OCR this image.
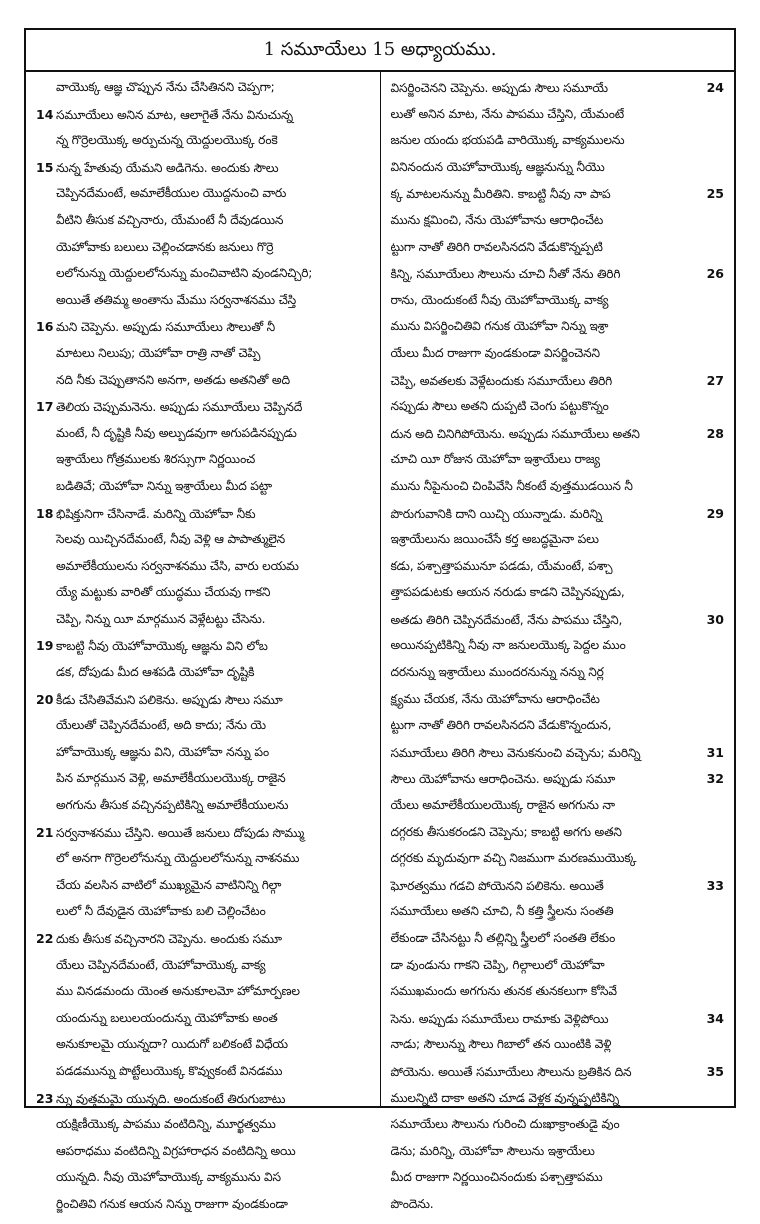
1 సమూయేలు 15 అధ్యాయము.
వాయొక్క ఆజ్ఞ చొప్పున నేను చేసితినని చెప్పగా;
14 సమూయేలు అనిన మాట, ఆలాగైతే నేను వినుచున్న
న్న గొర్రెలయొక్క అర్పుచున్న యెద్దులయొక్క రంకె
15 నున్న హేతువు యేమని అడిగెను. అందుకు సౌలు
చెప్పినదేమంటే, అమాలేకీయుల యొద్దనుంచి వారు
వీటిని తీసుక వచ్చినారు, యేమంటే నీ దేవుడయిన
యెహోవాకు బలులు చెల్లించడానకు జనులు గొర్రె
లలోనున్ను యెద్దులలోనున్ను మంచివాటిని వుండనిచ్చిరి;
అయితే తతిమ్మ అంతాను మేము సర్వనాశనము చేస్తి
16 మని చెప్పెను. అప్పుడు సమూయేలు సౌలుతో నీ
మాటలు నిలుపు; యెహోవా రాత్రి నాతో చెప్పి
నది నీకు చెప్పుతానని అనగా, అతడు అతనితో అది
17 తెలియ చెప్పుమనెను. అప్పుడు సమూయేలు చెప్పినదే
మంటే, నీ దృష్టికి నీవు అల్పుడవుగా అగుపడినప్పుడు
ఇశ్రాయేలు గోత్రములకు శిరస్సుగా నిర్ణయించ
బడితివే; యెహోవా నిన్ను ఇశ్రాయేలు మీద పట్టా
18 భిషిక్తునిగా చేసినాడే. మరిన్ని యెహోవా నీకు
సెలవు యిచ్చినదేమంటే, నీవు వెళ్లి ఆ పాపాత్ములైన
అమాలేకీయులను సర్వనాశనము చేసి, వారు లయమ
య్యే మట్టుకు వారితో యుద్ధము చేయవు గాకని
చెప్పి, నిన్ను యీ మార్గమున వెళ్లేటట్టు చేసెను.
19 కాబట్టి నీవు యెహోవాయొక్క ఆజ్ఞను విని లోబ
డక, దోపుడు మీద ఆశపడి యెహోవా దృష్టికి
20 కీడు చేసితివేమని పలికెను. అప్పుడు సౌలు సమూ
యేలుతో చెప్పినదేమంటే, అది కాదు; నేను యె
హోవాయొక్క ఆజ్ఞను విని, యెహోవా నన్ను పం
పిన మార్గమున వెళ్లి, అమాలేకీయులయొక్క రాజైన
అగగును తీసుక వచ్చినప్పటికిన్ని అమాలేకీయులను
21 సర్వనాశనము చేస్తిని. అయితే జనులు దోపుడు సొమ్ము
లో అనగా గొర్రెలలోనున్ను యెద్దులలోనున్ను నాశనము
చేయ వలసిన వాటిలో ముఖ్యమైన వాటినిన్ని గిల్గా
లులో నీ దేవుడైన యెహోవాకు బలి చెల్లించేటం
22 దుకు తీసుక వచ్చినారని చెప్పెను. అందుకు సమూ
యేలు చెప్పినదేమంటే, యెహోవాయొక్క వాక్య
ము వినడమందు యెంత అనుకూలమో హోమార్పణల
యందున్ను బలులయందున్ను యెహోవాకు అంత
అనుకూలమై యున్నదా? యిదుగో బలికంటే విధేయ
పడడమున్ను పొట్టేలుయొక్క కొవ్వుకంటే వినడము
23 న్ను వుత్తమమై యున్నది. అందుకంటే తిరుగుబాటు
యక్షిణీయొక్క పాపము వంటిదిన్ని, మూర్ఖత్వము
ఆపరాధము వంటిదిన్ని విగ్రహారాధన వంటిదిన్ని అయి
యున్నది. నీవు యెహోవాయొక్క వాక్యమును విస
ర్జించితివి గనుక ఆయన నిన్ను రాజుగా వుండకుండా
24
విసర్జించెనని చెప్పెను. అప్పుడు సౌలు సమూయే
లుతో అనిన మాట, నేను పాపము చేస్తిని, యేమంటే
జనుల యందు భయపడి వారియొక్క వాక్యములను
వినినందున యెహోవాయొక్క ఆజ్ఞనున్ను నీయొ
25
క్క మాటలనున్ను మీరితిని. కాబట్టి నీవు నా పాప
మును క్షమించి, నేను యెహోవాను ఆరాధించేట
ట్టుగా నాతో తిరిగి రావలసినదని వేడుకొన్నప్పటి
26
కిన్ని, సమూయేలు సౌలును చూచి నీతో నేను తిరిగి
రాను, యెందుకంటే నీవు యెహోవాయొక్క వాక్య
మును విసర్జించితివి గనుక యెహోవా నిన్ను ఇశ్రా
యేలు మీద రాజుగా వుండకుండా విసర్జించెనని
27
చెప్పి, అవతలకు వెళ్లేటందుకు సమూయేలు తిరిగి
నప్పుడు సౌలు అతని దుప్పటి చెంగు పట్టుకొన్నం
28
దున అది చినిగిపోయెను. అప్పుడు సమూయేలు అతని
చూచి యీ రోజున యెహోవా ఇశ్రాయేలు రాజ్య
మును నీపైనుంచి చింపివేసి నీకంటే వుత్తముడయిన నీ
29
పొరుగువానికి దాని యిచ్చి యున్నాడు. మరిన్ని
ఇశ్రాయేలును జయించేసే కర్త అబద్ధమైనా పలు
కడు, పశ్చాత్తాపమునూ పడడు, యేమంటే, పశ్చా
త్తాపపడుటకు ఆయన నరుడు కాడని చెప్పినప్పుడు,
30
అతడు తిరిగి చెప్పినదేమంటే, నేను పాపము చేస్తిని,
అయినప్పటికిన్ని నీవు నా జనులయొక్క పెద్దల ముం
దరనున్ను ఇశ్రాయేలు ముందరనున్ను నన్ను నిర్ల
క్ష్యము చేయక, నేను యెహోవాను ఆరాధించేట
ట్టుగా నాతో తిరిగి రావలసినదని వేడుకొన్నందున,
31
సమూయేలు తిరిగి సౌలు వెనుకనుంచి వచ్చెను; మరిన్ని
32
సౌలు యెహోవాను ఆరాధించెను. అప్పుడు సమూ
యేలు అమాలేకీయులయొక్క రాజైన అగగును నా
దగ్గరకు తీసుకరండని చెప్పెను; కాబట్టి అగగు అతని
దగ్గరకు మృదువుగా వచ్చి నిజముగా మరణముయొక్క
33
ఘోరత్వము గడచి పోయెనని పలికెను. అయితే
సమూయేలు అతని చూచి, నీ కత్తి స్త్రీలను సంతతి
లేకుండా చేసినట్టు నీ తల్లిన్ని స్త్రీలలో సంతతి లేకుం
డా వుండును గాకని చెప్పి, గిల్గాలులో యెహోవా
సముఖమందు అగగును తునక తునకలుగా కోసివే
34
సెను. అప్పుడు సమూయేలు రామాకు వెళ్లిపోయి
నాడు; సౌలున్ను సౌలు గిబాలో తన యింటికి వెళ్లి
35
పోయెను. అయితే సమూయేలు సౌలును బ్రతికిన దిన
ములన్నిటి దాకా అతని చూడ వెళ్లక వున్నప్పటికిన్ని
సమూయేలు సౌలును గురించి దుఃఖాక్రాంతుడై వుం
డెను; మరిన్ని, యెహోవా సౌలును ఇశ్రాయేలు
మీద రాజుగా నిర్ణయించినందుకు పశ్చాత్తాపము
పొందెను.
